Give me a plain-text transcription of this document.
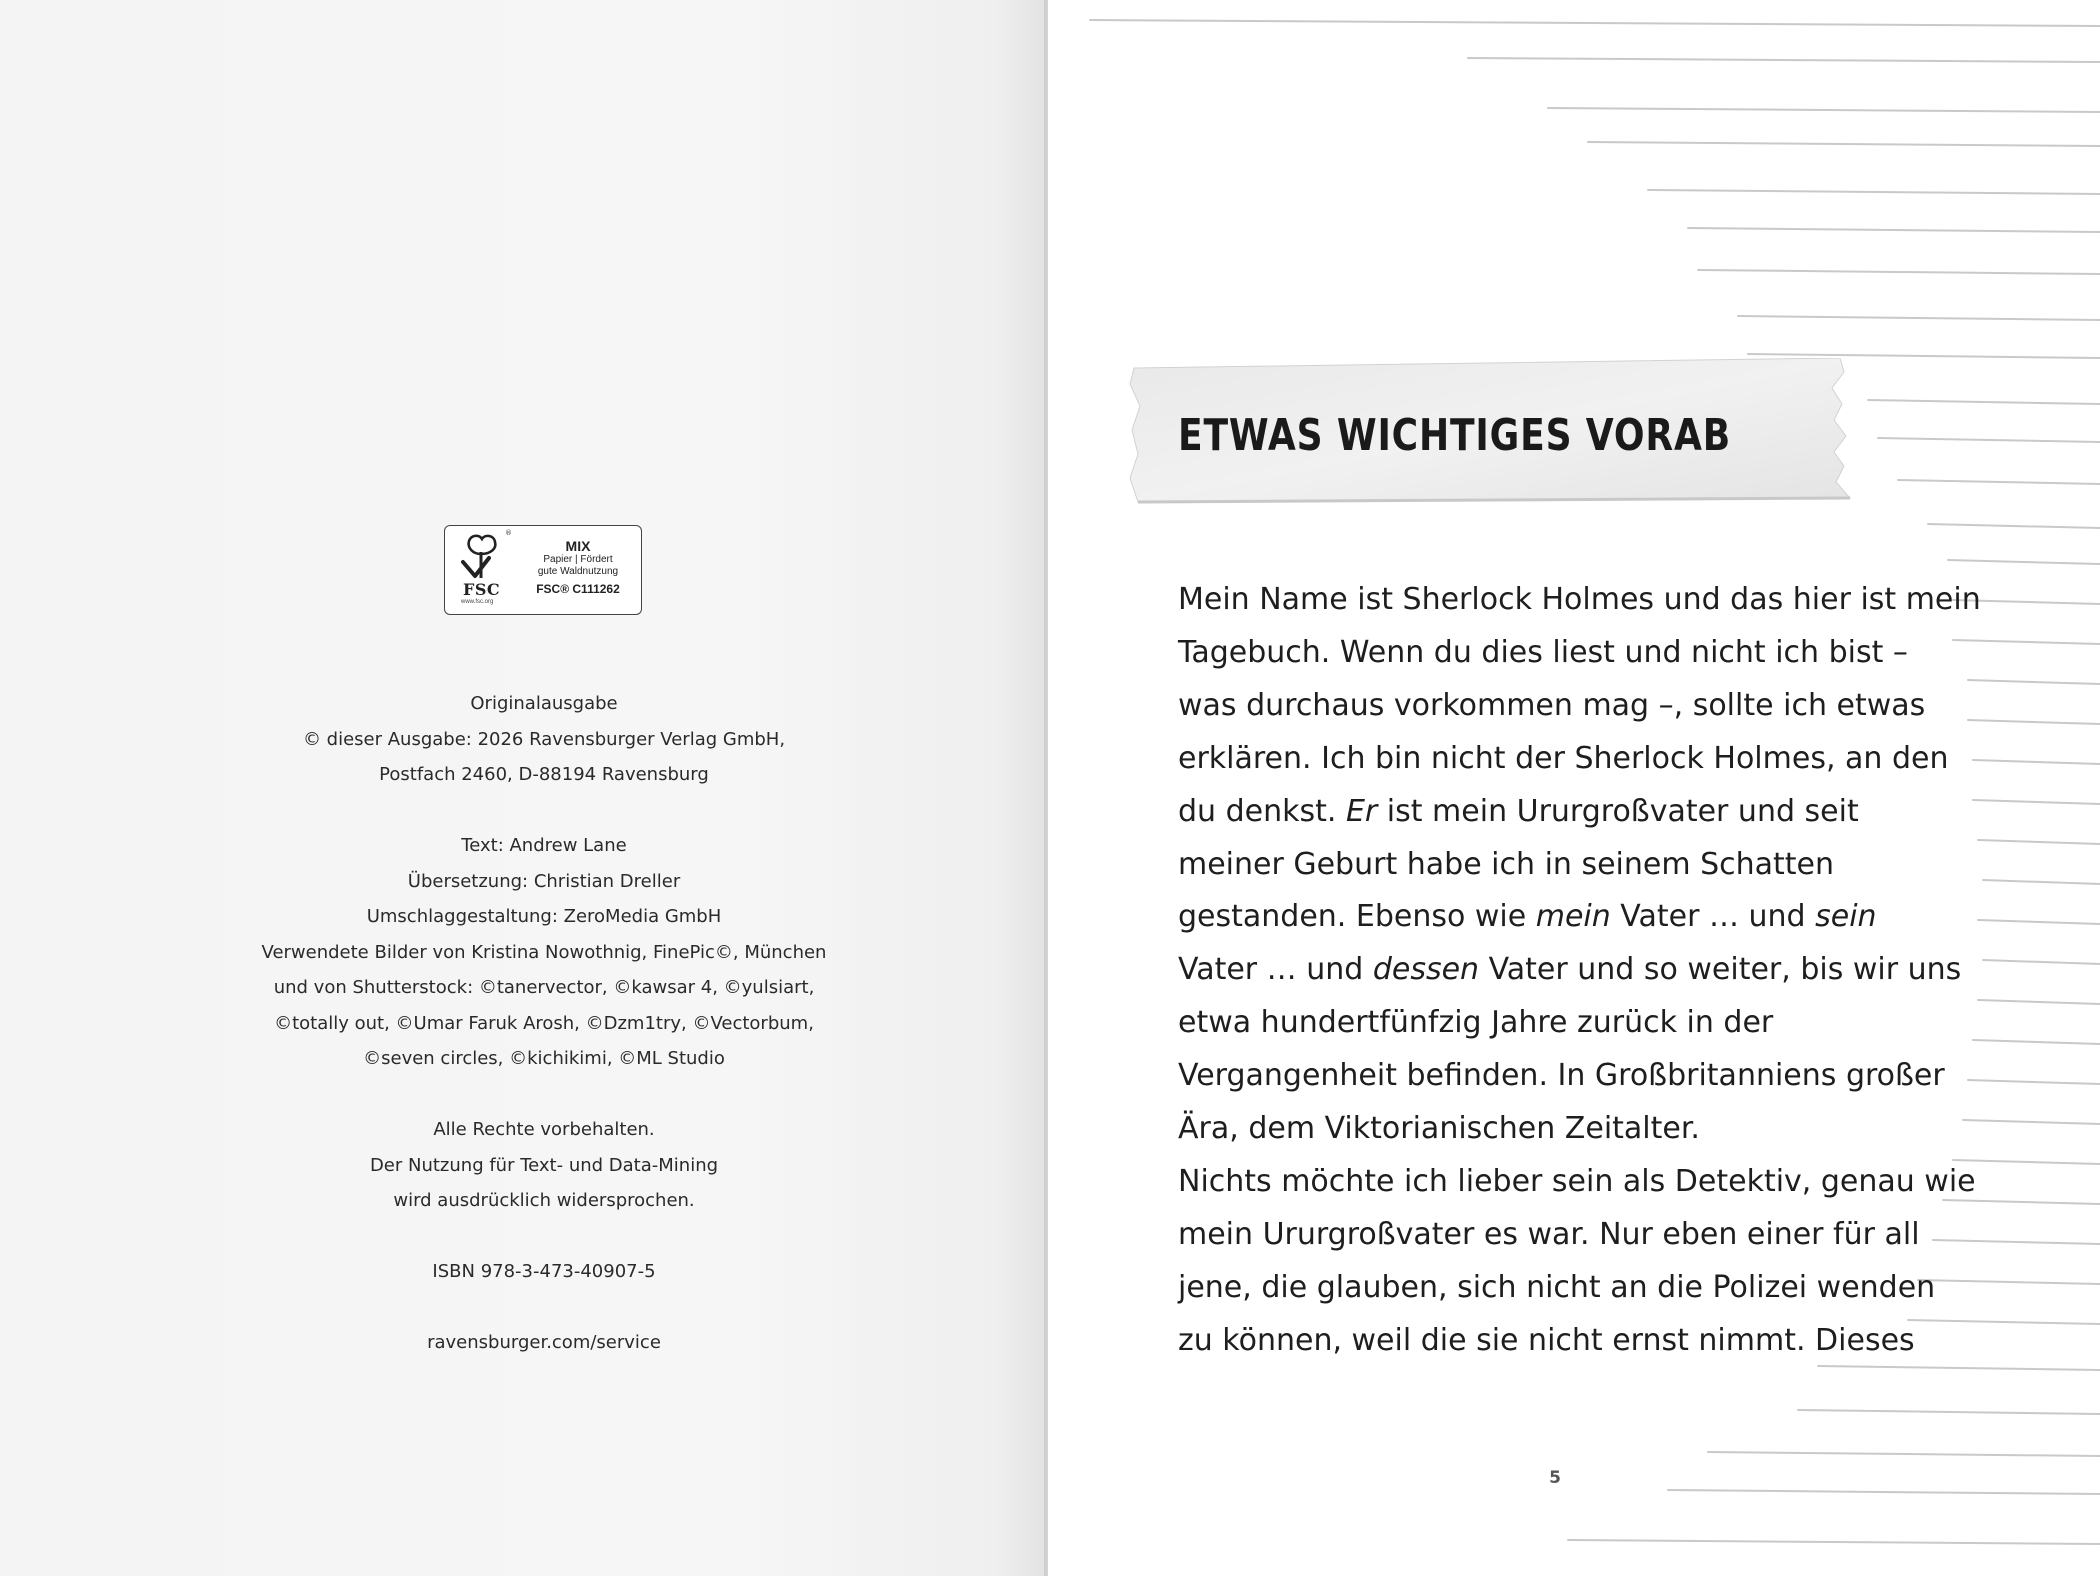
®
FSC
www.fsc.org
MIX
Papier | Fördert
gute Waldnutzung
FSC® C111262
Originalausgabe
© dieser Ausgabe: 2026 Ravensburger Verlag GmbH,
Postfach 2460, D-88194 Ravensburg
Text: Andrew Lane
Übersetzung: Christian Dreller
Umschlaggestaltung: ZeroMedia GmbH
Verwendete Bilder von Kristina Nowothnig, FinePic©, München
und von Shutterstock: ©tanervector, ©kawsar 4, ©yulsiart,
©totally out, ©Umar Faruk Arosh, ©Dzm1try, ©Vectorbum,
©seven circles, ©kichikimi, ©ML Studio
Alle Rechte vorbehalten.
Der Nutzung für Text- und Data-Mining
wird ausdrücklich widersprochen.
ISBN 978-3-473-40907-5
ravensburger.com/service
ETWAS WICHTIGES VORAB
Mein Name ist Sherlock Holmes und das hier ist mein
Tagebuch. Wenn du dies liest und nicht ich bist –
was durchaus vorkommen mag –, sollte ich etwas
erklären. Ich bin nicht der Sherlock Holmes, an den
du denkst. Er ist mein Ururgroßvater und seit
meiner Geburt habe ich in seinem Schatten
gestanden. Ebenso wie mein Vater … und sein
Vater … und dessen Vater und so weiter, bis wir uns
etwa hundertfünfzig Jahre zurück in der
Vergangenheit befinden. In Großbritanniens großer
Ära, dem Viktorianischen Zeitalter.
Nichts möchte ich lieber sein als Detektiv, genau wie
mein Ururgroßvater es war. Nur eben einer für all
jene, die glauben, sich nicht an die Polizei wenden
zu können, weil die sie nicht ernst nimmt. Dieses
5
